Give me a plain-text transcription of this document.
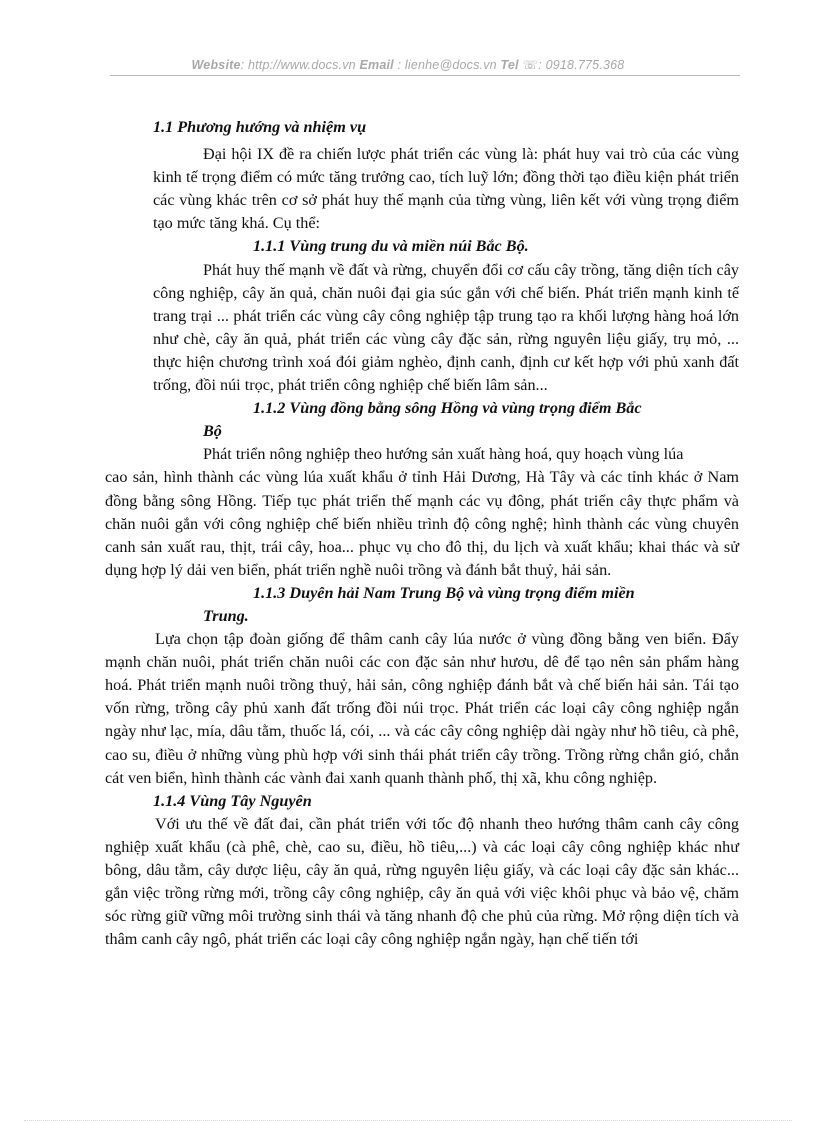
Website: http://www.docs.vn Email : lienhe@docs.vn Tel ☏: 0918.775.368

1.1 Phương hướng và nhiệm vụ

Đại hội IX đề ra chiến lược phát triển các vùng là: phát huy vai trò của các vùng kinh tế trọng điểm có mức tăng trưởng cao, tích luỹ lớn; đồng thời tạo điều kiện phát triển các vùng khác trên cơ sở phát huy thế mạnh của từng vùng, liên kết với vùng trọng điểm tạo mức tăng khá. Cụ thể:

1.1.1 Vùng trung du và miền núi Bắc Bộ.

Phát huy thế mạnh về đất và rừng, chuyển đổi cơ cấu cây trồng, tăng diện tích cây công nghiệp, cây ăn quả, chăn nuôi đại gia súc gắn với chế biến. Phát triển mạnh kinh tế trang trại ... phát triển các vùng cây công nghiệp tập trung tạo ra khối lượng hàng hoá lớn như chè, cây ăn quả, phát triển các vùng cây đặc sản, rừng nguyên liệu giấy, trụ mỏ, ... thực hiện chương trình xoá đói giảm nghèo, định canh, định cư kết hợp với phủ xanh đất trống, đồi núi trọc, phát triển công nghiệp chế biến lâm sản...

1.1.2 Vùng đồng bằng sông Hồng và vùng trọng điểm Bắc

Bộ

Phát triển nông nghiệp theo hướng sản xuất hàng hoá, quy hoạch vùng lúa

cao sản, hình thành các vùng lúa xuất khẩu ở tỉnh Hải Dương, Hà Tây và các tỉnh khác ở Nam đồng bằng sông Hồng. Tiếp tục phát triển thế mạnh các vụ đông, phát triển cây thực phẩm và chăn nuôi gắn với công nghiệp chế biến nhiều trình độ công nghệ; hình thành các vùng chuyên canh sản xuất rau, thịt, trái cây, hoa... phục vụ cho đô thị, du lịch và xuất khẩu; khai thác và sử dụng hợp lý dải ven biển, phát triển nghề nuôi trồng và đánh bắt thuỷ, hải sản.

1.1.3 Duyên hải Nam Trung Bộ và vùng trọng điểm miền

Trung.

Lựa chọn tập đoàn giống để thâm canh cây lúa nước ở vùng đồng bằng ven biển. Đẩy mạnh chăn nuôi, phát triển chăn nuôi các con đặc sản như hươu, dê để tạo nên sản phẩm hàng hoá. Phát triển mạnh nuôi trồng thuỷ, hải sản, công nghiệp đánh bắt và chế biến hải sản. Tái tạo vốn rừng, trồng cây phủ xanh đất trống đồi núi trọc. Phát triển các loại cây công nghiệp ngắn ngày như lạc, mía, dâu tằm, thuốc lá, cói, ... và các cây công nghiệp dài ngày như hồ tiêu, cà phê, cao su, điều ở những vùng phù hợp với sinh thái phát triển cây trồng. Trồng rừng chắn gió, chắn cát ven biển, hình thành các vành đai xanh quanh thành phố, thị xã, khu công nghiệp.

1.1.4 Vùng Tây Nguyên

Với ưu thế về đất đai, cần phát triển với tốc độ nhanh theo hướng thâm canh cây công nghiệp xuất khẩu (cà phê, chè, cao su, điều, hồ tiêu,...) và các loại cây công nghiệp khác như bông, dâu tằm, cây dược liệu, cây ăn quả, rừng nguyên liệu giấy, và các loại cây đặc sản khác... gắn việc trồng rừng mới, trồng cây công nghiệp, cây ăn quả với việc khôi phục và bảo vệ, chăm sóc rừng giữ vững môi trường sinh thái và tăng nhanh độ che phủ của rừng. Mở rộng diện tích và thâm canh cây ngô, phát triển các loại cây công nghiệp ngắn ngày, hạn chế tiến tới
